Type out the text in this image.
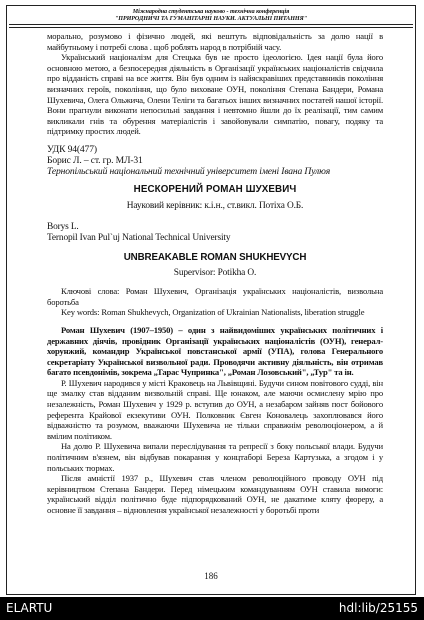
Міжнародна студентська науково - технічна конференція
"ПРИРОДНИЧІ ТА ГУМАНІТАРНІ НАУКИ. АКТУАЛЬНІ ПИТАННЯ"

морально, розумово і фізично людей, які вештуть відповідальність за долю нації в майбутньому і потребі слова . щоб роблять народ в потрібній часу.

Український націоналізм для Стецька був не просто ідеологією. Ідея нації була його основною метою, а безпосередня діяльність в Організації українських націоналістів свідчила про відданість справі на все життя. Він був одним із найяскравіших представників покоління визначних героїв, покоління, що було виховане ОУН, покоління Степана Бандери, Романа Шухевича, Олега Ольжича, Олени Теліги та багатьох інших визначних постатей нашої історії. Вони прагнули виконати непосильні завдання і невтомно йшли до їх реалізації, тим самим викликали гнів та обурення матеріалістів і завойовували симпатію, повагу, подяку та підтримку простих людей.

УДК 94(477)
Борис Л. – ст. гр. МЛ-31
Тернопільський національний технічний університет імені Івана Пулюя
НЕСКОРЕНИЙ РОМАН ШУХЕВИЧ
Науковий керівник: к.і.н., ст.викл. Потіха О.Б.
Borys L.
Ternopil Ivan Pul`uj National Technical University
UNBREAKABLE ROMAN SHUKHEVYCH
Supervisor: Potikha O.

Ключові слова: Роман Шухевич, Організація українських націоналістів, визвольна боротьба

Key words: Roman Shukhevych, Organization of Ukrainian Nationalists, liberation struggle

Роман Шухевич (1907–1950) – один з найвидоміших українських політичних і державних діячів, провідник Організації українських націоналістів (ОУН), генерал-хорунжий, командир Української повстанської армії (УПА), голова Генерального секретаріату Української визвольної ради. Проводячи активну діяльність, він отримав багато псевдонімів, зокрема „Тарас Чупринка", „Роман Лозовський", „Тур" та ін.

Р. Шухевич народився у місті Краковець на Львівщині. Будучи сином повітового судді, він ще змалку став відданим визвольній справі. Ще юнаком, але маючи осмислену мрію про незалежність, Роман Шухевич у 1929 р. вступив до ОУН, а незабаром зайняв пост бойового референта Крайової екзекутиви ОУН. Полковник Євген Коновалець захоплювався його відважністю та розумом, вважаючи Шухевича не тільки справжнім революціонером, а й вмілим політиком.

На долю Р. Шухевича випали переслідування та репресії з боку польської влади. Будучи політичним в'язнем, він відбував покарання у концтаборі Береза Картузька, а згодом і у польських тюрмах.

Після амністії 1937 р., Шухевич став членом революційного проводу ОУН під керівництвом Степана Бандери. Перед німецьким командуванням ОУН ставила вимоги: український відділ політично буде підпорядкований ОУН, не дакатиме кляту фюреру, а основне її завдання – відновлення української незалежності у боротьбі проти

186
ELARTU	hdl:lib/25155
